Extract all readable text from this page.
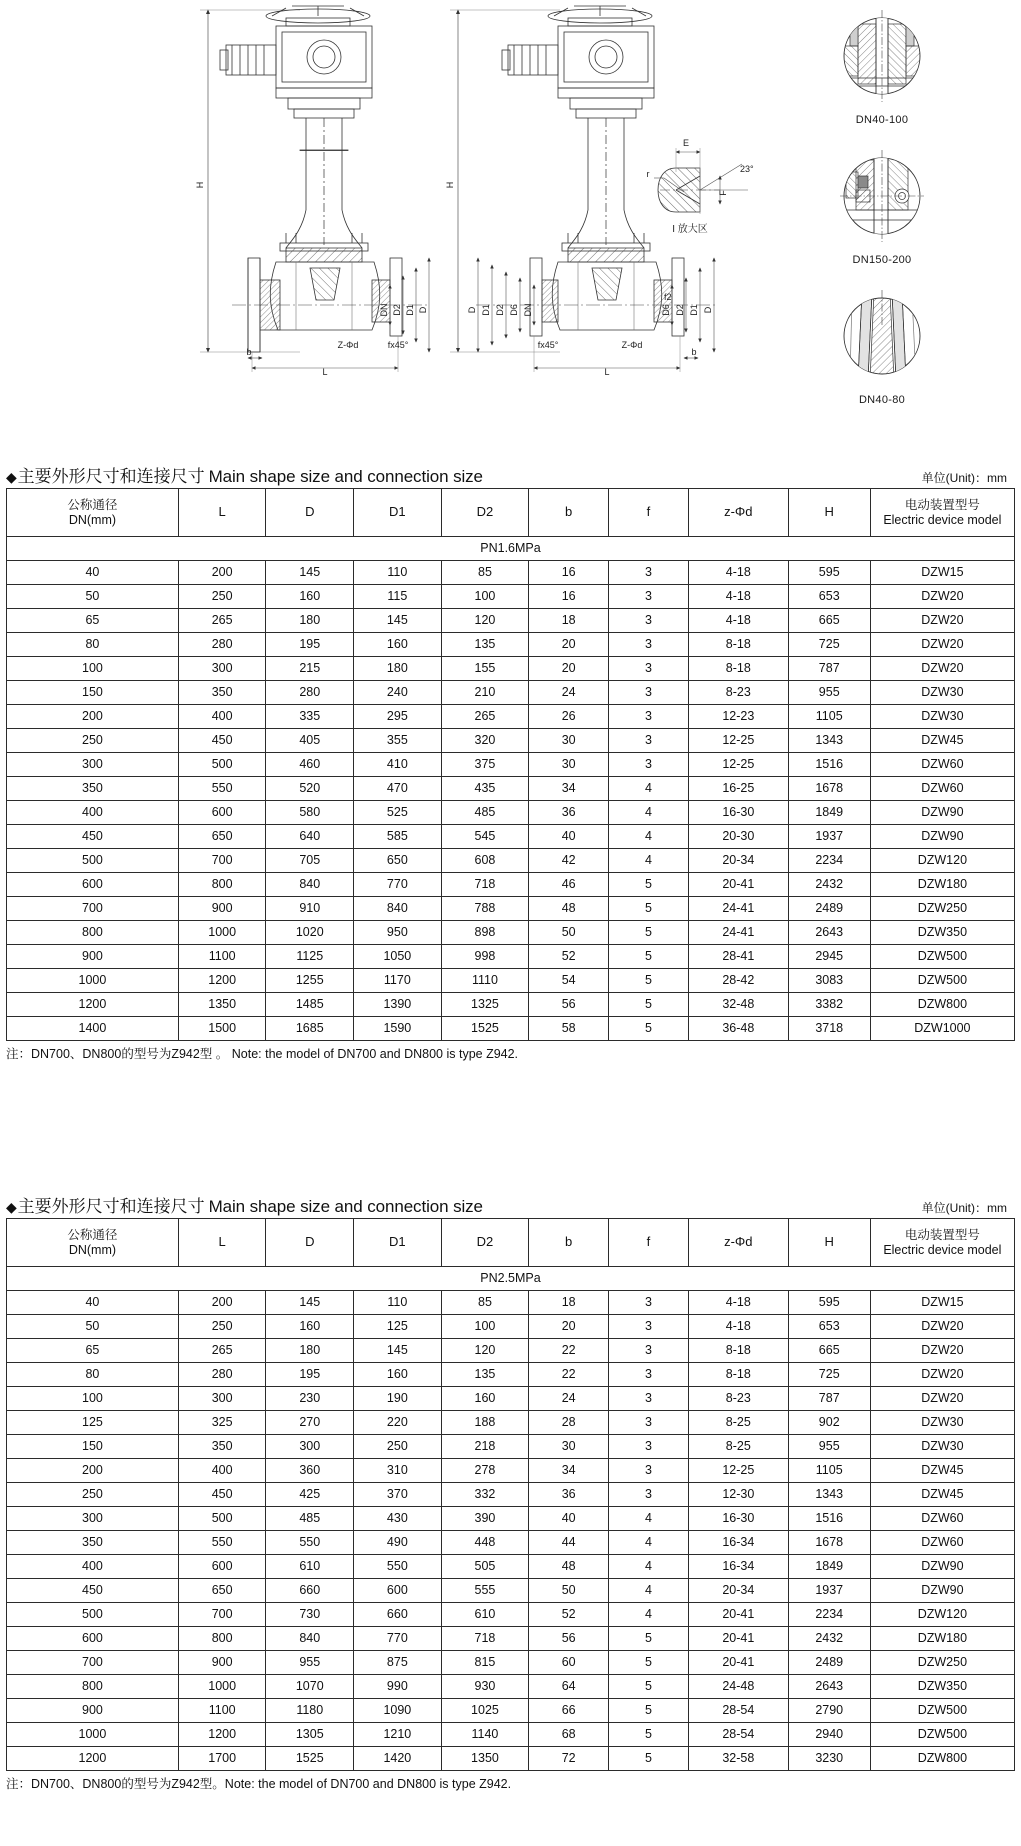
H	H
DN D2 D1 D	D D1 D2 D6 DN	D6 D2 D1 D
f2
L	L
b	b
Z-Φd	Z-Φd
fx45°	fx45°
E
F
r	23°
I 放大区
DN40-100
DN150-200
DN40-80
◆主要外形尺寸和连接尺寸 Main shape size and connection size	单位(Unit)：mm
公称通径
DN(mm)	L	D	D1	D2	b	f	z-Φd	H	电动装置型号
Electric device model

PN1.6MPa									
40	200	145	110	85	16	3	4-18	595	DZW15
50	250	160	115	100	16	3	4-18	653	DZW20
65	265	180	145	120	18	3	4-18	665	DZW20
80	280	195	160	135	20	3	8-18	725	DZW20
100	300	215	180	155	20	3	8-18	787	DZW20
150	350	280	240	210	24	3	8-23	955	DZW30
200	400	335	295	265	26	3	12-23	1105	DZW30
250	450	405	355	320	30	3	12-25	1343	DZW45
300	500	460	410	375	30	3	12-25	1516	DZW60
350	550	520	470	435	34	4	16-25	1678	DZW60
400	600	580	525	485	36	4	16-30	1849	DZW90
450	650	640	585	545	40	4	20-30	1937	DZW90
500	700	705	650	608	42	4	20-34	2234	DZW120
600	800	840	770	718	46	5	20-41	2432	DZW180
700	900	910	840	788	48	5	24-41	2489	DZW250
800	1000	1020	950	898	50	5	24-41	2643	DZW350
900	1100	1125	1050	998	52	5	28-41	2945	DZW500
1000	1200	1255	1170	1110	54	5	28-42	3083	DZW500
1200	1350	1485	1390	1325	56	5	32-48	3382	DZW800
1400	1500	1685	1590	1525	58	5	36-48	3718	DZW1000
注：DN700、DN800的型号为Z942型 。 Note: the model of DN700 and DN800 is type Z942.
◆主要外形尺寸和连接尺寸 Main shape size and connection size	单位(Unit)：mm
公称通径
DN(mm)	L	D	D1	D2	b	f	z-Φd	H	电动装置型号
Electric device model

PN2.5MPa									
40	200	145	110	85	18	3	4-18	595	DZW15
50	250	160	125	100	20	3	4-18	653	DZW20
65	265	180	145	120	22	3	8-18	665	DZW20
80	280	195	160	135	22	3	8-18	725	DZW20
100	300	230	190	160	24	3	8-23	787	DZW20
125	325	270	220	188	28	3	8-25	902	DZW30
150	350	300	250	218	30	3	8-25	955	DZW30
200	400	360	310	278	34	3	12-25	1105	DZW45
250	450	425	370	332	36	3	12-30	1343	DZW45
300	500	485	430	390	40	4	16-30	1516	DZW60
350	550	550	490	448	44	4	16-34	1678	DZW60
400	600	610	550	505	48	4	16-34	1849	DZW90
450	650	660	600	555	50	4	20-34	1937	DZW90
500	700	730	660	610	52	4	20-41	2234	DZW120
600	800	840	770	718	56	5	20-41	2432	DZW180
700	900	955	875	815	60	5	20-41	2489	DZW250
800	1000	1070	990	930	64	5	24-48	2643	DZW350
900	1100	1180	1090	1025	66	5	28-54	2790	DZW500
1000	1200	1305	1210	1140	68	5	28-54	2940	DZW500
1200	1700	1525	1420	1350	72	5	32-58	3230	DZW800
注：DN700、DN800的型号为Z942型。Note: the model of DN700 and DN800 is type Z942.
